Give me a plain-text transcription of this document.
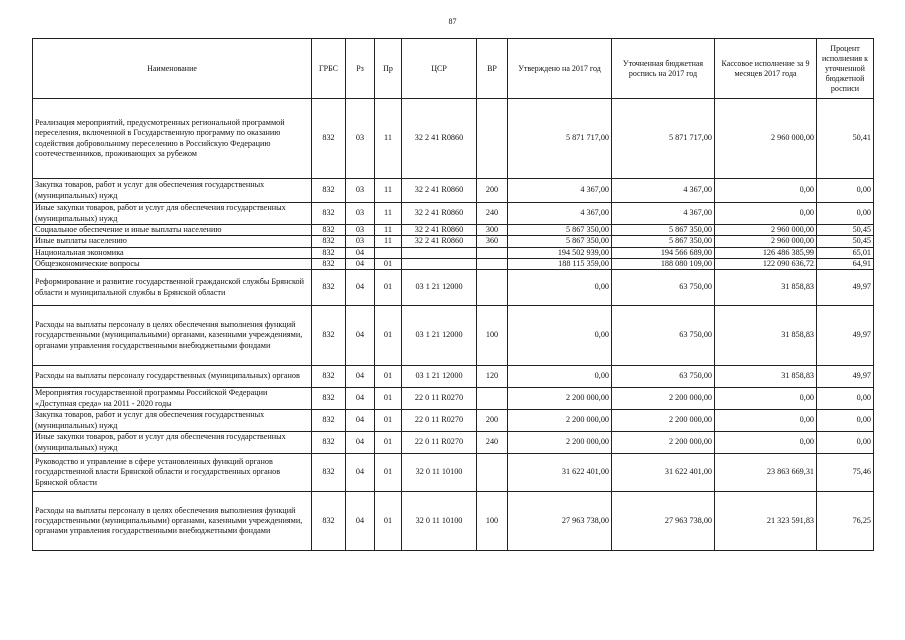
87
Наименование	ГРБС	Рз	Пр	ЦСР	ВР	Утверждено на 2017 год	Уточненная бюджетная роспись на 2017 год	Кассовое исполнение за 9 месяцев 2017 года	Процент исполнения к уточненной бюджетной росписи
Реализация мероприятий, предусмотренных региональной программой переселения, включенной в Государственную программу по оказанию содействия добровольному переселению в Российскую Федерацию соотечественников, проживающих за рубежом	832	03	11	32 2 41 R0860		5 871 717,00	5 871 717,00	2 960 000,00	50,41
Закупка товаров, работ и услуг для обеспечения государственных (муниципальных) нужд	832	03	11	32 2 41 R0860	200	4 367,00	4 367,00	0,00	0,00
Иные закупки товаров, работ и услуг для обеспечения государственных (муниципальных) нужд	832	03	11	32 2 41 R0860	240	4 367,00	4 367,00	0,00	0,00
Социальное обеспечение и иные выплаты населению	832	03	11	32 2 41 R0860	300	5 867 350,00	5 867 350,00	2 960 000,00	50,45
Иные выплаты населению	832	03	11	32 2 41 R0860	360	5 867 350,00	5 867 350,00	2 960 000,00	50,45
Национальная экономика	832	04				194 502 939,00	194 566 689,00	126 486 385,99	65,01
Общеэкономические вопросы	832	04	01			188 115 359,00	188 080 109,00	122 090 636,72	64,91
Реформирование и развитие государственной гражданской службы Брянской области и муниципальной службы в Брянской области	832	04	01	03 1 21 12000		0,00	63 750,00	31 858,83	49,97
Расходы на выплаты персоналу в целях обеспечения выполнения функций государственными (муниципальными) органами, казенными учреждениями, органами управления государственными внебюджетными фондами	832	04	01	03 1 21 12000	100	0,00	63 750,00	31 858,83	49,97
Расходы на выплаты персоналу государственных (муниципальных) органов	832	04	01	03 1 21 12000	120	0,00	63 750,00	31 858,83	49,97
Мероприятия государственной программы Российской Федерации «Доступная среда» на 2011 - 2020 годы	832	04	01	22 0 11 R0270		2 200 000,00	2 200 000,00	0,00	0,00
Закупка товаров, работ и услуг для обеспечения государственных (муниципальных) нужд	832	04	01	22 0 11 R0270	200	2 200 000,00	2 200 000,00	0,00	0,00
Иные закупки товаров, работ и услуг для обеспечения государственных (муниципальных) нужд	832	04	01	22 0 11 R0270	240	2 200 000,00	2 200 000,00	0,00	0,00
Руководство и управление в сфере установленных функций органов государственной власти Брянской области и государственных органов Брянской области	832	04	01	32 0 11 10100		31 622 401,00	31 622 401,00	23 863 669,31	75,46
Расходы на выплаты персоналу в целях обеспечения выполнения функций государственными (муниципальными) органами, казенными учреждениями, органами управления государственными внебюджетными фондами	832	04	01	32 0 11 10100	100	27 963 738,00	27 963 738,00	21 323 591,83	76,25
